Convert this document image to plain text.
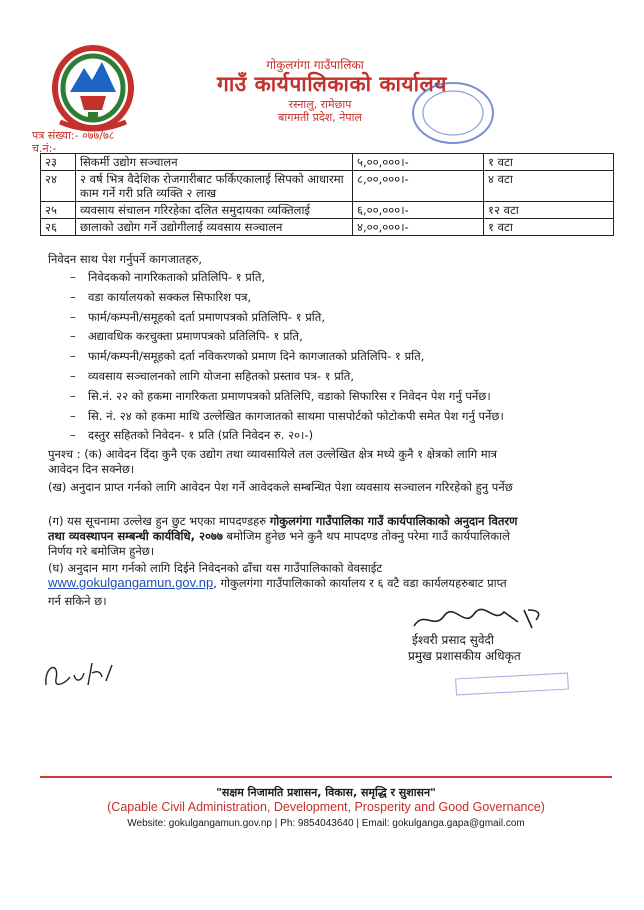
गोकुलगंगा गाउँपालिका
गाउँ कार्यपालिकाको कार्यालय
रस्नालु, रामेछाप
बागमती प्रदेश, नेपाल
पत्र संख्या:- ०७७/७८
च.नं:-
२३	सिकर्मी उद्योग सञ्चालन	५,००,०००।-	१ वटा
२४	२ वर्ष भित्र वैदेशिक रोजगारीबाट फर्किएकालाई सिपको आधारमा काम गर्ने गरी प्रति व्यक्ति २ लाख	८,००,०००।-	४ वटा
२५	व्यवसाय संचालन गरिरहेका दलित समुदायका व्यक्तिलाई	६,००,०००।-	१२ वटा
२६	छालाको उद्योग गर्ने उद्योगीलाई व्यवसाय सञ्चालन	४,००,०००।-	१ वटा
निवेदन साथ पेश गर्नुपर्ने कागजातहरु,
– निवेदकको नागरिकताको प्रतिलिपि- १ प्रति,
– वडा कार्यालयको सक्कल सिफारिश पत्र,
– फार्म/कम्पनी/समूहको दर्ता प्रमाणपत्रको प्रतिलिपि- १ प्रति,
– अद्यावधिक करचुक्ता प्रमाणपत्रको प्रतिलिपि- १ प्रति,
– फार्म/कम्पनी/समूहको दर्ता नविकरणको प्रमाण दिने कागजातको प्रतिलिपि- १ प्रति,
– व्यवसाय सञ्चालनको लागि योजना सहितको प्रस्ताव पत्र- १ प्रति,
– सि.नं. २२ को हकमा नागरिकता प्रमाणपत्रको प्रतिलिपि, वडाको सिफारिस र निवेदन पेश गर्नु पर्नेछ।
– सि. नं. २४ को हकमा माथि उल्लेखित कागजातको साथमा पासपोर्टको फोटोकपी समेत पेश गर्नु पर्नेछ।
– दस्तुर सहितको निवेदन- १ प्रति (प्रति निवेदन रु. २०।-)
पुनश्च : (क) आवेदन दिंदा कुनै एक उद्योग तथा व्यावसायिले तल उल्लेखित क्षेत्र मध्ये कुनै १ क्षेत्रको लागि मात्र
आवेदन दिन सक्नेछ।
(ख) अनुदान प्राप्त गर्नको लागि आवेदन पेश गर्ने आवेदकले सम्बन्धित पेशा व्यवसाय सञ्चालन गरिरहेको हुनु पर्नेछ
(ग) यस सूचनामा उल्लेख हुन छुट भएका मापदण्डहरु गोकुलगंगा गाउँपालिका गाउँ कार्यपालिकाको अनुदान वितरण
तथा व्यवस्थापन सम्बन्धी कार्यविधि, २०७७ बमोजिम हुनेछ भने कुनै थप मापदण्ड तोक्नु परेमा गाउँ कार्यपालिकाले
निर्णय गरे बमोजिम हुनेछ।
(घ) अनुदान माग गर्नको लागि दिईने निवेदनको ढाँचा यस गाउँपालिकाको वेवसाईट
www.gokulgangamun.gov.np, गोकुलगंगा गाउँपालिकाको कार्यालय र ६ वटै वडा कार्यलयहरुबाट प्राप्त
गर्न सकिने छ।
ईश्वरी प्रसाद सुवेदी
प्रमुख प्रशासकीय अधिकृत
"सक्षम निजामति प्रशासन, विकास, समृद्धि र सुशासन"
(Capable Civil Administration, Development, Prosperity and Good Governance)
Website: gokulgangamun.gov.np | Ph: 9854043640 | Email: gokulganga.gapa@gmail.com
